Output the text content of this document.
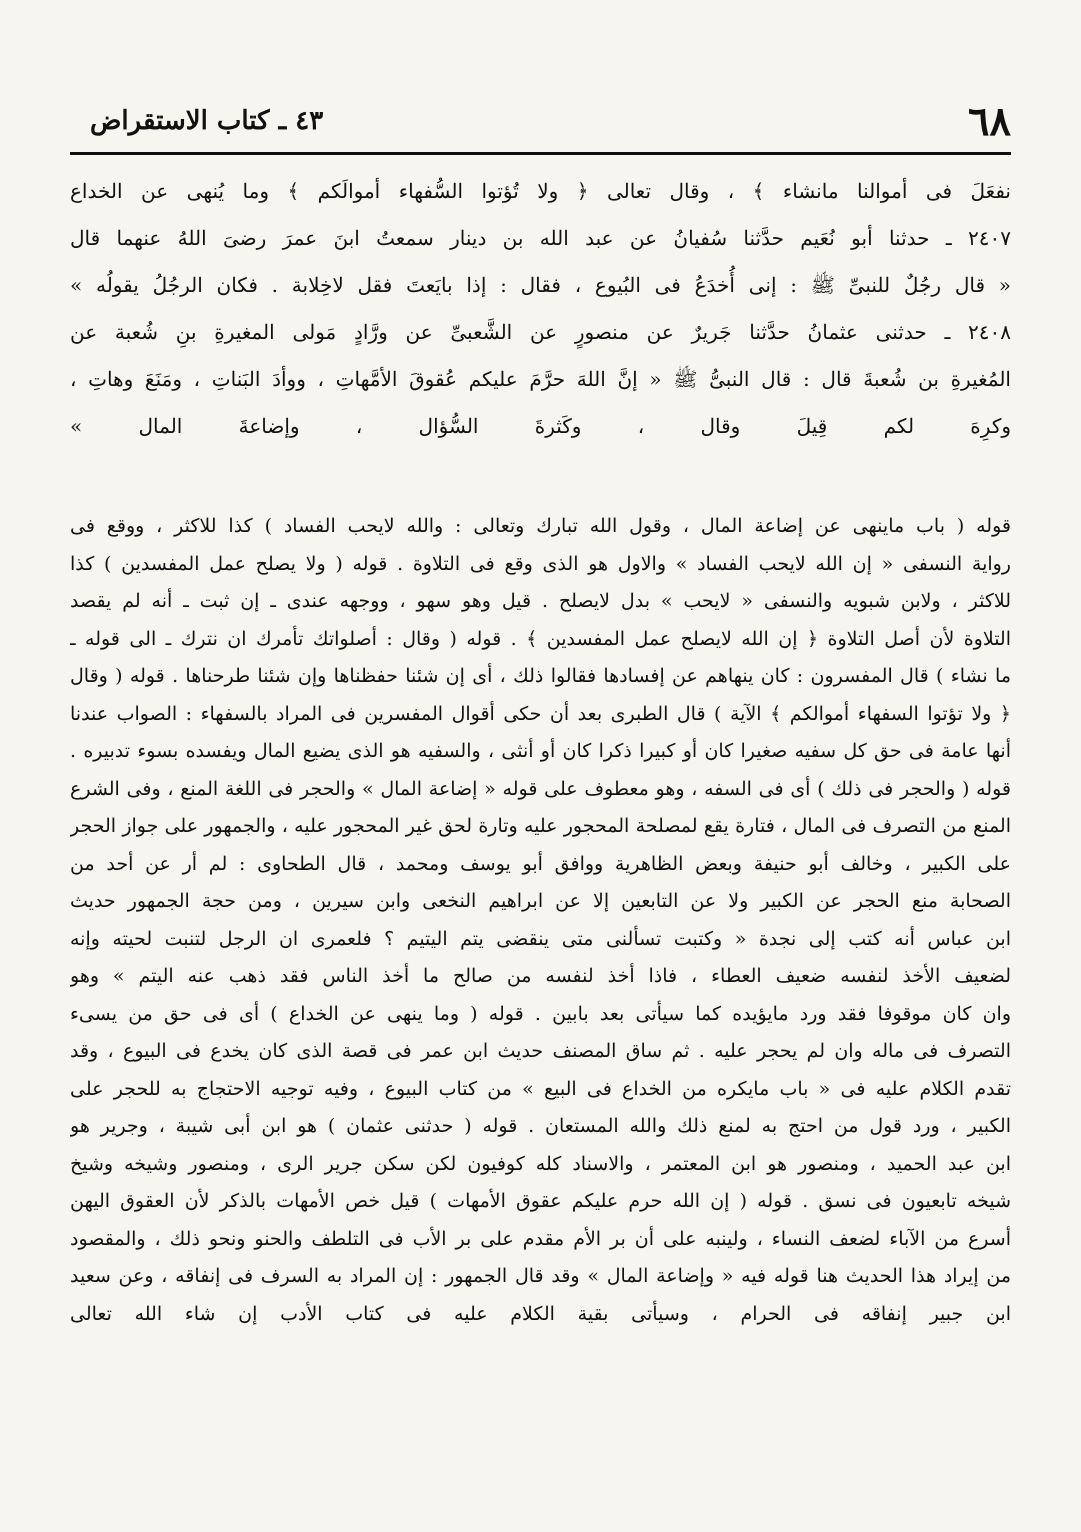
٦٨
٤٣ ـ كتاب الاستقراض
نفعَلَ فى أموالنا مانشاء ﴾ ، وقال تعالى ﴿ ولا تُؤتوا السُّفهاء أموالَكم ﴾ وما يُنهى عن الخداع
٢٤٠٧ ـ حدثنا أبو نُعَيم حدَّثنا سُفيانُ عن عبد الله بن دينار سمعتُ ابنَ عمرَ رضىَ اللهُ عنهما قال
« قال رجُلٌ للنبىِّ ﷺ : إنى أُخدَعُ فى البُيوع ، فقال : إذا بايَعتَ فقل لاخِلابة . فكان الرجُلُ يقولُه »
٢٤٠٨ ـ حدثنى عثمانُ حدَّثنا جَريرٌ عن منصورٍ عن الشَّعبىِّ عن ورَّادٍ مَولى المغيرةِ بنِ شُعبة عن
المُغيرةِ بن شُعبةَ قال : قال النبىُّ ﷺ « إنَّ اللهَ حرَّمَ عليكم عُقوقَ الأمَّهاتِ ، ووأدَ البَناتِ ، ومَنَعَ وهاتِ ،
وكرِهَ لكم قِيلَ وقال ، وكَثرةَ السُّؤال ، وإضاعةَ المال »
قوله ( باب ماينهى عن إضاعة المال ، وقول الله تبارك وتعالى : والله لايحب الفساد ) كذا للاكثر ، ووقع فى
رواية النسفى « إن الله لايحب الفساد » والاول هو الذى وقع فى التلاوة . قوله ( ولا يصلح عمل المفسدين ) كذا
للاكثر ، ولابن شبويه والنسفى « لايحب » بدل لايصلح . قيل وهو سهو ، ووجهه عندى ـ إن ثبت ـ أنه لم يقصد
التلاوة لأن أصل التلاوة ﴿ إن الله لايصلح عمل المفسدين ﴾ . قوله ( وقال : أصلواتك تأمرك ان نترك ـ الى قوله ـ
ما نشاء ) قال المفسرون : كان ينهاهم عن إفسادها فقالوا ذلك ، أى إن شئنا حفظناها وإن شئنا طرحناها . قوله ( وقال
﴿ ولا تؤتوا السفهاء أموالكم ﴾ الآية ) قال الطبرى بعد أن حكى أقوال المفسرين فى المراد بالسفهاء : الصواب عندنا
أنها عامة فى حق كل سفيه صغيرا كان أو كبيرا ذكرا كان أو أنثى ، والسفيه هو الذى يضيع المال ويفسده بسوء تدبيره .
قوله ( والحجر فى ذلك ) أى فى السفه ، وهو معطوف على قوله « إضاعة المال » والحجر فى اللغة المنع ، وفى الشرع
المنع من التصرف فى المال ، فتارة يقع لمصلحة المحجور عليه وتارة لحق غير المحجور عليه ، والجمهور على جواز الحجر
على الكبير ، وخالف أبو حنيفة وبعض الظاهرية ووافق أبو يوسف ومحمد ، قال الطحاوى : لم أر عن أحد من
الصحابة منع الحجر عن الكبير ولا عن التابعين إلا عن ابراهيم النخعى وابن سيرين ، ومن حجة الجمهور حديث
ابن عباس أنه كتب إلى نجدة « وكتبت تسألنى متى ينقضى يتم اليتيم ؟ فلعمرى ان الرجل لتنبت لحيته وإنه
لضعيف الأخذ لنفسه ضعيف العطاء ، فاذا أخذ لنفسه من صالح ما أخذ الناس فقد ذهب عنه اليتم » وهو
وان كان موقوفا فقد ورد مايؤيده كما سيأتى بعد بابين . قوله ( وما ينهى عن الخداع ) أى فى حق من يسىء
التصرف فى ماله وان لم يحجر عليه . ثم ساق المصنف حديث ابن عمر فى قصة الذى كان يخدع فى البيوع ، وقد
تقدم الكلام عليه فى « باب مايكره من الخداع فى البيع » من كتاب البيوع ، وفيه توجيه الاحتجاج به للحجر على
الكبير ، ورد قول من احتج به لمنع ذلك والله المستعان . قوله ( حدثنى عثمان ) هو ابن أبى شيبة ، وجرير هو
ابن عبد الحميد ، ومنصور هو ابن المعتمر ، والاسناد كله كوفيون لكن سكن جرير الرى ، ومنصور وشيخه وشيخ
شيخه تابعيون فى نسق . قوله ( إن الله حرم عليكم عقوق الأمهات ) قيل خص الأمهات بالذكر لأن العقوق اليهن
أسرع من الآباء لضعف النساء ، ولينبه على أن بر الأم مقدم على بر الأب فى التلطف والحنو ونحو ذلك ، والمقصود
من إيراد هذا الحديث هنا قوله فيه « وإضاعة المال » وقد قال الجمهور : إن المراد به السرف فى إنفاقه ، وعن سعيد
ابن جبير إنفاقه فى الحرام ، وسيأتى بقية الكلام عليه فى كتاب الأدب إن شاء الله تعالى
